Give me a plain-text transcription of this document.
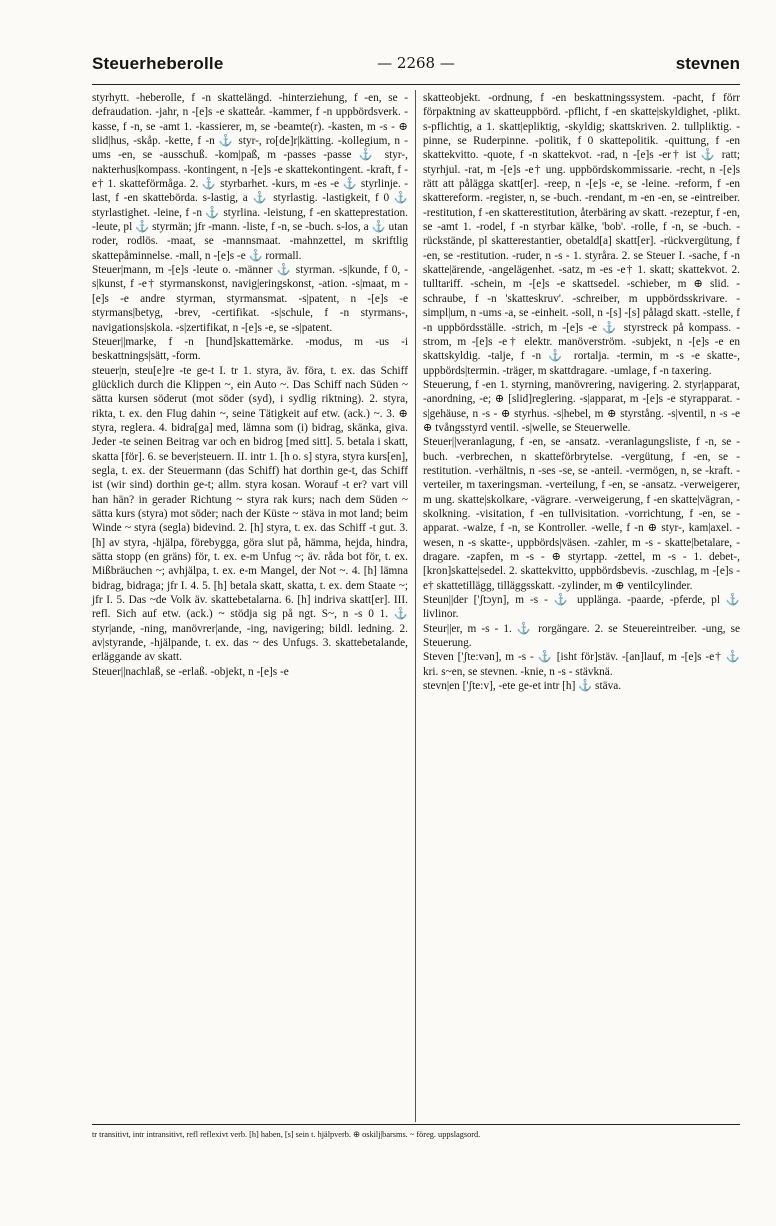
Steuerheberolle	— 2268 —	stevnen

styrhytt. -heberolle, f -n skattelängd. -hinterziehung, f -en, se -defraudation. -jahr, n -[e]s -e skatteår. -kammer, f -n uppbördsverk. -kasse, f -n, se -amt 1. -kassierer, m, se -beamte(r). -kasten, m -s - ⊕ slid|hus, -skåp. -kette, f -n ⚓ styr-, ro[de]r|kätting. -kollegium, n -ums -en, se -ausschuß. -kom|paß, m -passes -passe ⚓ styr-, nakterhus|kompass. -kontingent, n -[e]s -e skattekontingent. -kraft, f -e† 1. skatteförmåga. 2. ⚓ styrbarhet. -kurs, m -es -e ⚓ styrlinje. -last, f -en skattebörda. s-lastig, a ⚓ styrlastig. -lastigkeit, f 0 ⚓ styrlastighet. -leine, f -n ⚓ styrlina. -leistung, f -en skatteprestation. -leute, pl ⚓ styrmän; jfr -mann. -liste, f -n, se -buch. s-los, a ⚓ utan roder, rodlös. -maat, se -mannsmaat. -mahnzettel, m skriftlig skattepåminnelse. -mall, n -[e]s -e ⚓ rormall.

Steuer|mann, m -[e]s -leute o. -männer ⚓ styrman. -s|kunde, f 0, -s|kunst, f -e† styrmanskonst, navig|eringskonst, -ation. -s|maat, m -[e]s -e andre styrman, styrmansmat. -s|patent, n -[e]s -e styrmans|betyg, -brev, -certifikat. -s|schule, f -n styrmans-, navigations|skola. -s|zertifikat, n -[e]s -e, se -s|patent.

Steuer||marke, f -n [hund]skattemärke. -modus, m -us -i beskattnings|sätt, -form.

steuer|n, steu[e]re -te ge-t I. tr 1. styra, äv. föra, t. ex. das Schiff glücklich durch die Klippen ~, ein Auto ~. Das Schiff nach Süden ~ sätta kursen söderut (mot söder (syd), i sydlig riktning). 2. styra, rikta, t. ex. den Flug dahin ~, seine Tätigkeit auf etw. (ack.) ~. 3. ⊕ styra, reglera. 4. bidra[ga] med, lämna som (i) bidrag, skänka, giva. Jeder -te seinen Beitrag var och en bidrog [med sitt]. 5. betala i skatt, skatta [för]. 6. se bever|steuern. II. intr 1. [h o. s] styra, styra kurs[en], segla, t. ex. der Steuermann (das Schiff) hat dorthin ge-t, das Schiff ist (wir sind) dorthin ge-t; allm. styra kosan. Worauf -t er? vart vill han hän? in gerader Richtung ~ styra rak kurs; nach dem Süden ~ sätta kurs (styra) mot söder; nach der Küste ~ stäva in mot land; beim Winde ~ styra (segla) bidevind. 2. [h] styra, t. ex. das Schiff -t gut. 3. [h] av styra, -hjälpa, förebygga, göra slut på, hämma, hejda, hindra, sätta stopp (en gräns) för, t. ex. e-m Unfug ~; äv. råda bot för, t. ex. Mißbräuchen ~; avhjälpa, t. ex. e-m Mangel, der Not ~. 4. [h] lämna bidrag, bidraga; jfr I. 4. 5. [h] betala skatt, skatta, t. ex. dem Staate ~; jfr I. 5. Das ~de Volk äv. skattebetalarna. 6. [h] indriva skatt[er]. III. refl. Sich auf etw. (ack.) ~ stödja sig på ngt. S~, n -s 0 1. ⚓ styr|ande, -ning, manövrer|ande, -ing, navigering; bildl. ledning. 2. av|styrande, -hjälpande, t. ex. das ~ des Unfugs. 3. skattebetalande, erläggande av skatt.

Steuer||nachlaß, se -erlaß. -objekt, n -[e]s -e

skatteobjekt. -ordnung, f -en beskattningssystem. -pacht, f förr förpaktning av skatteuppbörd. -pflicht, f -en skatte|skyldighet, -plikt. s-pflichtig, a 1. skatt|epliktig, -skyldig; skattskriven. 2. tullpliktig. -pinne, se Ruderpinne. -politik, f 0 skattepolitik. -quittung, f -en skattekvitto. -quote, f -n skattekvot. -rad, n -[e]s -er† ist ⚓ ratt; styrhjul. -rat, m -[e]s -e† ung. uppbördskommissarie. -recht, n -[e]s rätt att pålägga skatt[er]. -reep, n -[e]s -e, se -leine. -reform, f -en skattereform. -register, n, se -buch. -rendant, m -en -en, se -eintreiber. -restitution, f -en skatterestitution, återbäring av skatt. -rezeptur, f -en, se -amt 1. -rodel, f -n styrbar kälke, 'bob'. -rolle, f -n, se -buch. -rückstände, pl skatterestantier, obetald[a] skatt[er]. -rückvergütung, f -en, se -restitution. -ruder, n -s - 1. styråra. 2. se Steuer I. -sache, f -n skatte|ärende, -angelägenhet. -satz, m -es -e† 1. skatt; skattekvot. 2. tulltariff. -schein, m -[e]s -e skattsedel. -schieber, m ⊕ slid. -schraube, f -n 'skatteskruv'. -schreiber, m uppbördsskrivare. -simpl|um, n -ums -a, se -einheit. -soll, n -[s] -[s] pålagd skatt. -stelle, f -n uppbördsställe. -strich, m -[e]s -e ⚓ styrstreck på kompass. -strom, m -[e]s -e† elektr. manöverström. -subjekt, n -[e]s -e en skattskyldig. -talje, f -n ⚓ rortalja. -termin, m -s -e skatte-, uppbörds|termin. -träger, m skattdragare. -umlage, f -n taxering.

Steuerung, f -en 1. styrning, manövrering, navigering. 2. styr|apparat, -anordning, -e; ⊕ [slid]reglering. -s|apparat, m -[e]s -e styrapparat. -s|gehäuse, n -s - ⊕ styrhus. -s|hebel, m ⊕ styrstång. -s|ventil, n -s -e ⊕ tvångsstyrd ventil. -s|welle, se Steuerwelle.

Steuer||veranlagung, f -en, se -ansatz. -veranlagungsliste, f -n, se -buch. -verbrechen, n skatteförbrytelse. -vergütung, f -en, se -restitution. -verhältnis, n -ses -se, se -anteil. -vermögen, n, se -kraft. -verteiler, m taxeringsman. -verteilung, f -en, se -ansatz. -verweigerer, m ung. skatte|skolkare, -vägrare. -verweigerung, f -en skatte|vägran, -skolkning. -visitation, f -en tullvisitation. -vorrichtung, f -en, se -apparat. -walze, f -n, se Kontroller. -welle, f -n ⊕ styr-, kam|axel. -wesen, n -s skatte-, uppbörds|väsen. -zahler, m -s - skatte|betalare, -dragare. -zapfen, m -s - ⊕ styrtapp. -zettel, m -s - 1. debet-, [kron]skatte|sedel. 2. skattekvitto, uppbördsbevis. -zuschlag, m -[e]s -e† skattetillägg, tilläggsskatt. -zylinder, m ⊕ ventilcylinder.

Steun||der ['ʃtɔyn], m -s - ⚓ upplänga. -paarde, -pferde, pl ⚓ livlinor.

Steur||er, m -s - 1. ⚓ rorgängare. 2. se Steuereintreiber. -ung, se Steuerung.

Steven ['ʃte:vən], m -s - ⚓ [isht för]stäv. -[an]lauf, m -[e]s -e† ⚓ kri. s~en, se stevnen. -knie, n -s - stävknä.

stevn|en ['ʃte:v], -ete ge-et intr [h] ⚓ stäva.

tr transitivt, intr intransitivt, refl reflexivt verb. [h] haben, [s] sein t. hjälpverb. ⊕ oskilj|barsms. ~ föreg. uppslagsord.
